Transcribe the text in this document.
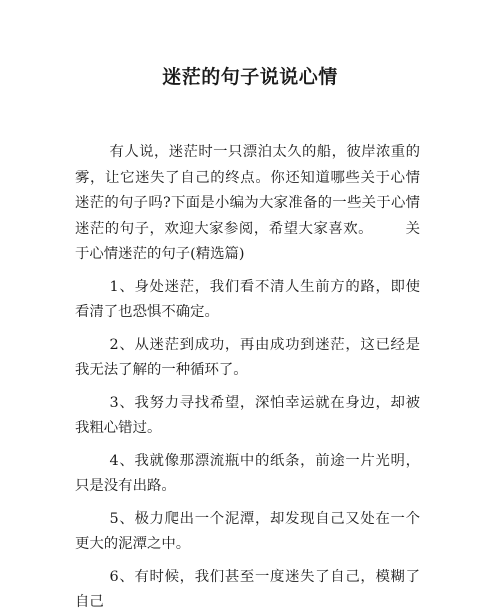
迷茫的句子说说心情

有人说，迷茫时一只漂泊太久的船，彼岸浓重的雾，让它迷失了自己的终点。你还知道哪些关于心情迷茫的句子吗?下面是小编为大家准备的一些关于心情迷茫的句子，欢迎大家参阅，希望大家喜欢。 关于心情迷茫的句子(精选篇)

1、身处迷茫，我们看不清人生前方的路，即使看清了也恐惧不确定。

2、从迷茫到成功，再由成功到迷茫，这已经是我无法了解的一种循环了。

3、我努力寻找希望，深怕幸运就在身边，却被我粗心错过。

4、我就像那漂流瓶中的纸条，前途一片光明，只是没有出路。

5、极力爬出一个泥潭，却发现自己又处在一个更大的泥潭之中。

6、有时候，我们甚至一度迷失了自己，模糊了自己
